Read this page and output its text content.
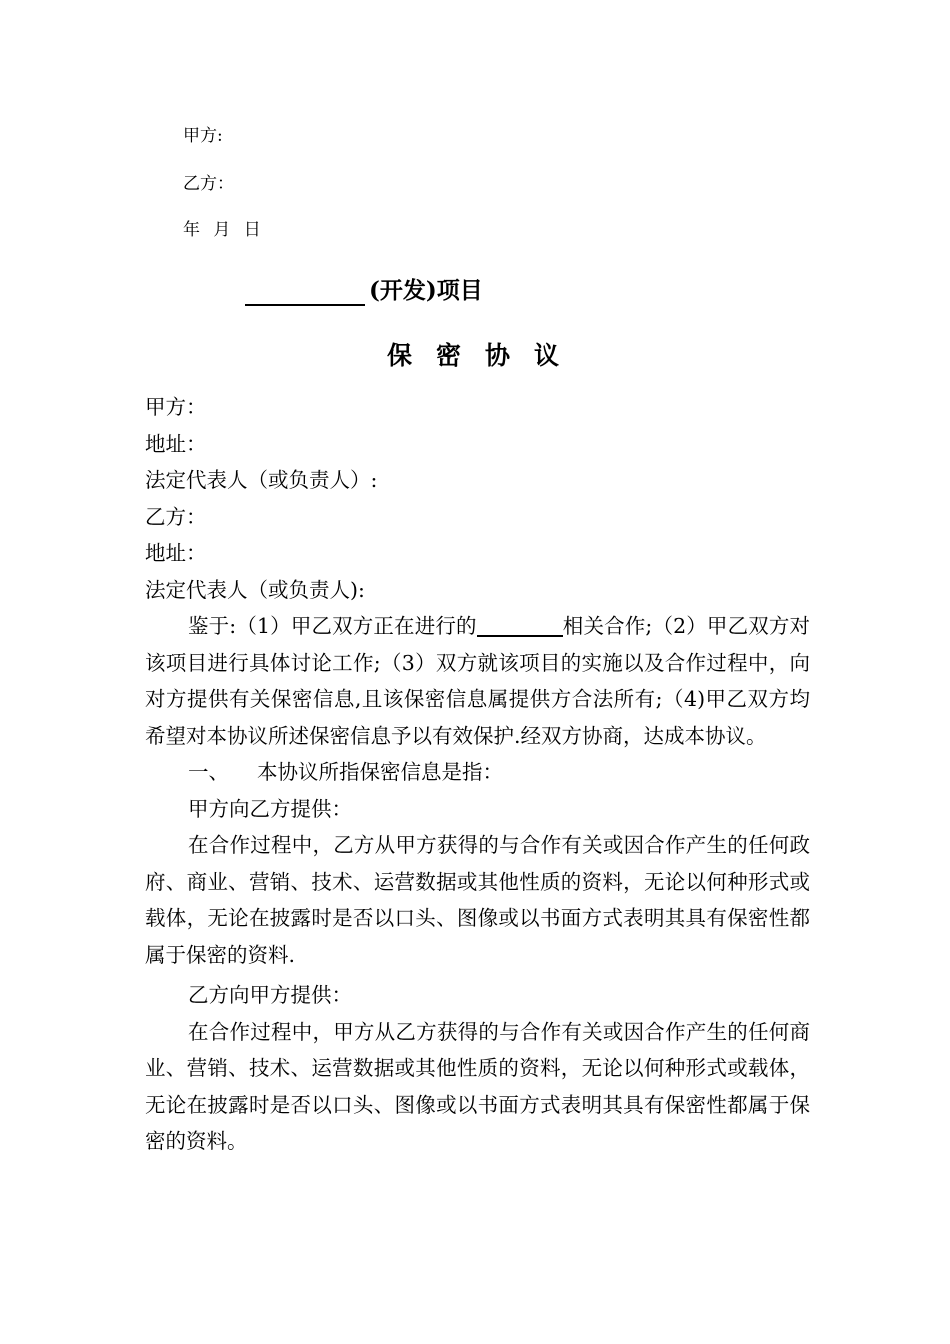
甲方:
乙方：
年 月 日
(开发)项目
保密协议

甲方：

地址：

法定代表人（或负责人）:

乙方：

地址：

法定代表人（或负责人):

鉴于:（1）甲乙双方正在进行的	相关合作;（2）甲乙双方对该项目进行具体讨论工作;（3）双方就该项目的实施以及合作过程中，向对方提供有关保密信息,且该保密信息属提供方合法所有;（4)甲乙双方均希望对本协议所述保密信息予以有效保护.经双方协商，达成本协议。

一、 本协议所指保密信息是指：

甲方向乙方提供：

在合作过程中，乙方从甲方获得的与合作有关或因合作产生的任何政府、商业、营销、技术、运营数据或其他性质的资料，无论以何种形式或载体，无论在披露时是否以口头、图像或以书面方式表明其具有保密性都属于保密的资料.

乙方向甲方提供：

在合作过程中，甲方从乙方获得的与合作有关或因合作产生的任何商业、营销、技术、运营数据或其他性质的资料，无论以何种形式或载体，无论在披露时是否以口头、图像或以书面方式表明其具有保密性都属于保密的资料。
